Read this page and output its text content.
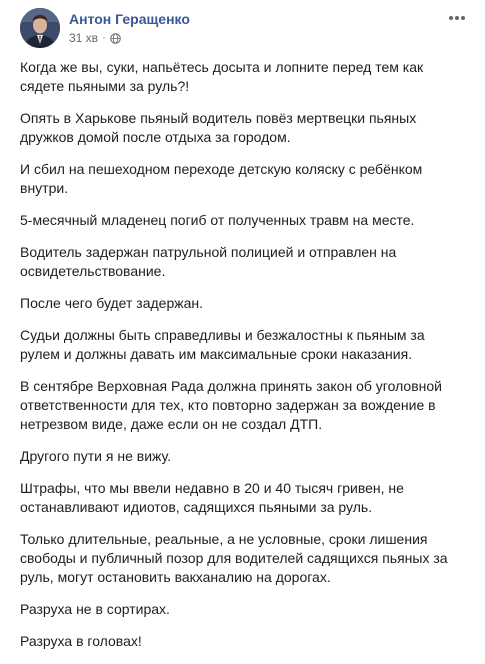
Антон Геращенко
31 хв ·

Когда же вы, суки, напьётесь досыта и лопните перед тем как сядете пьяными за руль?!

Опять в Харькове пьяный водитель повёз мертвецки пьяных дружков домой после отдыха за городом.

И сбил на пешеходном переходе детскую коляску с ребёнком внутри.

5-месячный младенец погиб от полученных травм на месте.

Водитель задержан патрульной полицией и отправлен на освидетельствование.

После чего будет задержан.

Судьи должны быть справедливы и безжалостны к пьяным за рулем и должны давать им максимальные сроки наказания.

В сентябре Верховная Рада должна принять закон об уголовной ответственности для тех, кто повторно задержан за вождение в нетрезвом виде, даже если он не создал ДТП.

Другого пути я не вижу.

Штрафы, что мы ввели недавно в 20 и 40 тысяч гривен, не останавливают идиотов, садящихся пьяными за руль.

Только длительные, реальные, а не условные, сроки лишения свободы и публичный позор для водителей садящихся пьяных за руль, могут остановить вакханалию на дорогах.

Разруха не в сортирах.

Разруха в головах!
